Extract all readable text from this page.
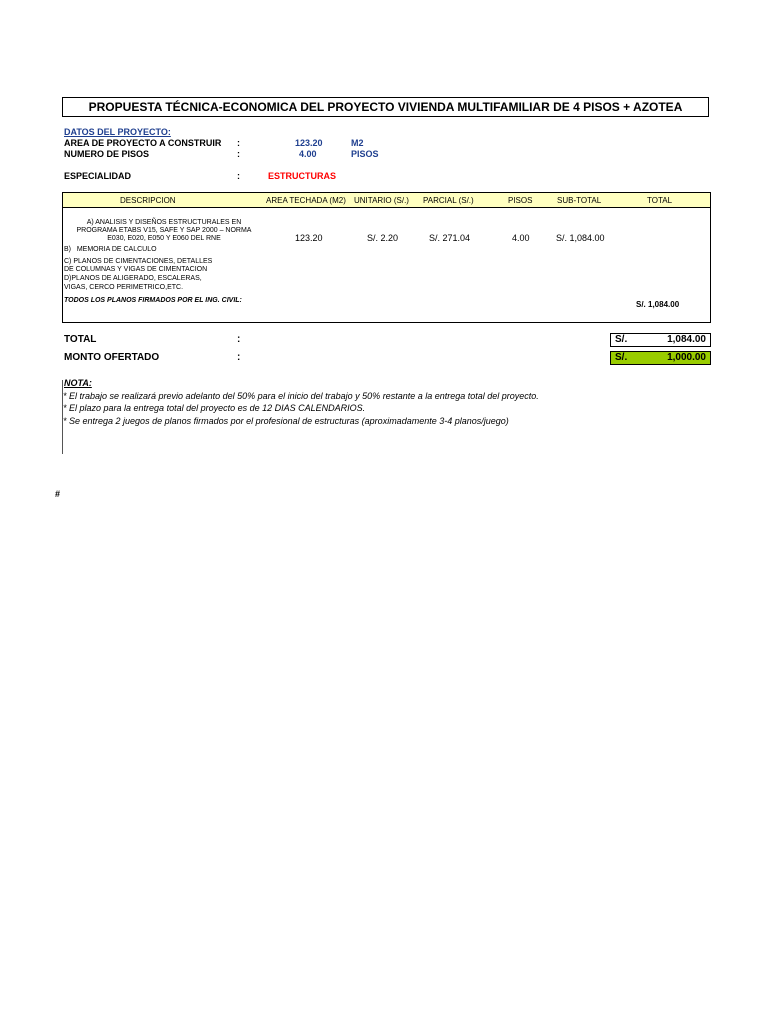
PROPUESTA TÉCNICA-ECONOMICA DEL PROYECTO VIVIENDA MULTIFAMILIAR DE 4 PISOS + AZOTEA
DATOS DEL PROYECTO:
AREA DE PROYECTO A CONSTRUIR :	123.20	M2
NUMERO DE PISOS	:	4.00	PISOS
ESPECIALIDAD	:	ESTRUCTURAS
DESCRIPCION	AREA TECHADA (M2) UNITARIO (S/.) PARCIAL (S/.)	PISOS	SUB-TOTAL	TOTAL
A) ANALISIS Y DISEÑOS ESTRUCTURALES EN
PROGRAMA ETABS V15, SAFE Y SAP 2000 – NORMA
E030, E020, E050 Y E060 DEL RNE
B)   MEMORIA DE CALCULO
C) PLANOS DE CIMENTACIONES, DETALLES
DE COLUMNAS Y VIGAS DE CIMENTACION
D)PLANOS DE ALIGERADO, ESCALERAS,
VIGAS, CERCO PERIMETRICO,ETC.
TODOS LOS PLANOS FIRMADOS POR EL ING. CIVIL:
123.20	S/. 2.20	S/. 271.04	4.00	S/. 1,084.00
S/. 1,084.00
TOTAL	:	S/.	1,084.00
MONTO OFERTADO	:	S/.	1,000.00
NOTA:
* El trabajo se realizará previo adelanto del 50% para el inicio del trabajo y 50% restante a la entrega total del proyecto.
* El plazo para la entrega total del proyecto es de 12 DIAS CALENDARIOS.
* Se entrega 2 juegos de planos firmados por el profesional de estructuras (aproximadamente 3-4 planos/juego)
#
